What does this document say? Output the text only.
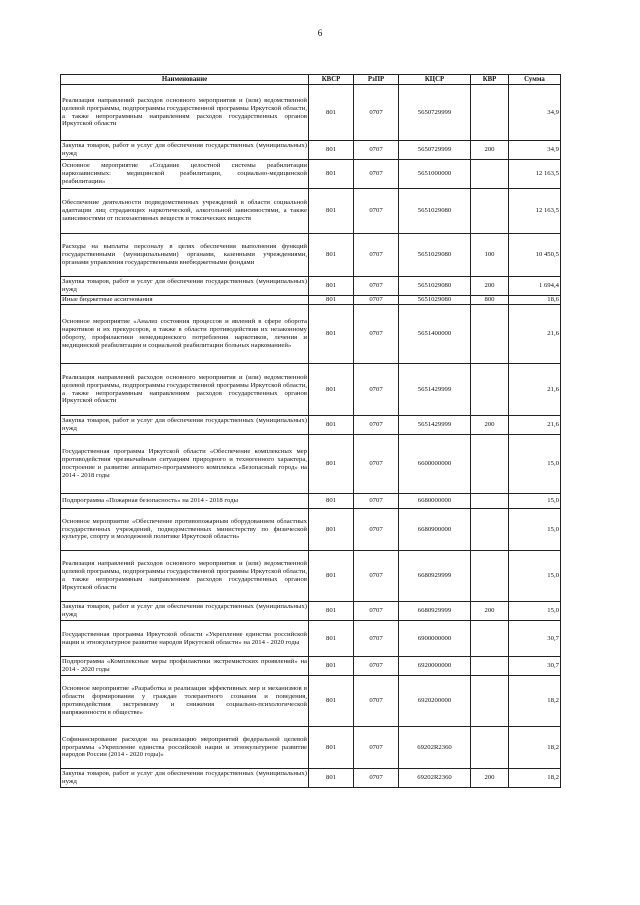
6
Наименование	КВСР	РзПР	КЦСР	КВР	Сумма
Реализация направлений расходов основного мероприятия и (или) ведомственной целевой программы, подпрограммы государственной программы Иркутской области, а также непрограммным направлениям расходов государственных органов Иркутской области	801	0707	5650729999		34,9
Закупка товаров, работ и услуг для обеспечения государственных (муниципальных) нужд	801	0707	5650729999	200	34,9
Основное мероприятие «Создание целостной системы реабилитации наркозависимых: медицинской реабилитации, социально-медицинской реабилитации»	801	0707	5651000000		12 163,5
Обеспечение деятельности подведомственных учреждений в области социальной адаптации лиц страдающих наркотической, алкогольной зависимостями, а также зависимостями от психоактивных веществ и токсических веществ	801	0707	5651029080		12 163,5
Расходы на выплаты персоналу в целях обеспечения выполнения функций государственными (муниципальными) органами, казенными учреждениями, органами управления государственными внебюджетными фондами	801	0707	5651029080	100	10 450,5
Закупка товаров, работ и услуг для обеспечения государственных (муниципальных) нужд	801	0707	5651029080	200	1 694,4
Иные бюджетные ассигнования	801	0707	5651029080	800	18,6
Основное мероприятие «Анализ состояния процессов и явлений в сфере оборота наркотиков и их прекурсоров, в также в области противодействия их незаконному обороту, профилактики немедицинского потребления наркотиков, лечения и медицинской реабилитации и социальной реабилитации больных наркоманией»	801	0707	5651400000		21,6
Реализация направлений расходов основного мероприятия и (или) ведомственной целевой программы, подпрограммы государственной программы Иркутской области, а также непрограммным направлениям расходов государственных органов Иркутской области	801	0707	5651429999		21,6
Закупка товаров, работ и услуг для обеспечения государственных (муниципальных) нужд	801	0707	5651429999	200	21,6
Государственная программа Иркутской области «Обеспечение комплексных мер противодействия чрезвычайным ситуациям природного и техногенного характера, построение и развитие аппаратно-программного комплекса «Безопасный город» на 2014 - 2018 годы	801	0707	6600000000		15,0
Подпрограмма «Пожарная безопасность» на 2014 - 2018 годы	801	0707	6680000000		15,0
Основное мероприятие «Обеспечение противопожарным оборудованием областных государственных учреждений, подведомственных министерству по физической культуре, спорту и молодежной политике Иркутской области»	801	0707	6680900000		15,0
Реализация направлений расходов основного мероприятия и (или) ведомственной целевой программы, подпрограммы государственной программы Иркутской области, а также непрограммным направлениям расходов государственных органов Иркутской области	801	0707	6680929999		15,0
Закупка товаров, работ и услуг для обеспечения государственных (муниципальных) нужд	801	0707	6680929999	200	15,0
Государственная программа Иркутской области «Укрепление единства российской нации и этнокультурное развитие народов Иркутской области» на 2014 - 2020 годы	801	0707	6900000000		30,7
Подпрограмма «Комплексные меры профилактики экстремистских проявлений» на 2014 - 2020 годы	801	0707	6920000000		30,7
Основное мероприятие «Разработка и реализация эффективных мер и механизмов в области формирования у граждан толерантного сознания и поведения, противодействия экстремизму и снижения социально-психологической напряженности в обществе»	801	0707	6920200000		18,2
Софинансирование расходов на реализацию мероприятий федеральной целевой программы «Укрепление единства российской нации и этнокультурное развитие народов России (2014 - 2020 годы)»	801	0707	69202R2360		18,2
Закупка товаров, работ и услуг для обеспечения государственных (муниципальных) нужд	801	0707	69202R2360	200	18,2
